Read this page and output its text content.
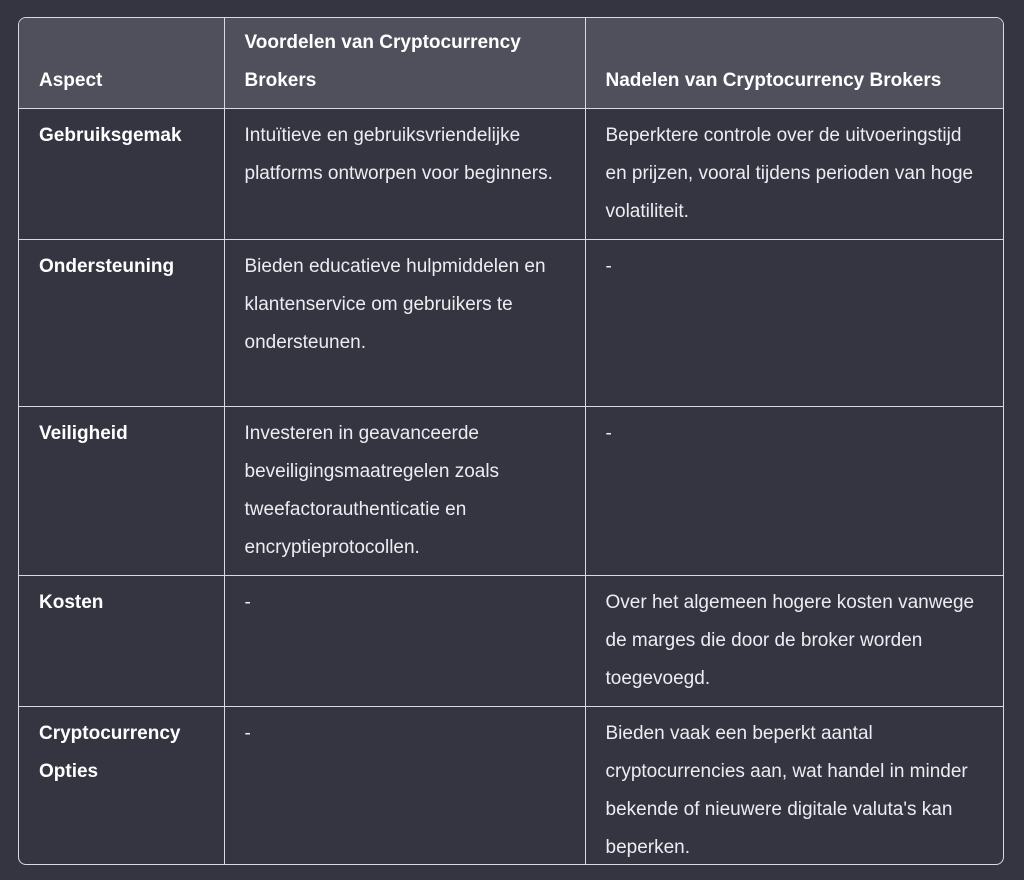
Aspect	Voordelen van Cryptocurrency Brokers	Nadelen van Cryptocurrency Brokers
Gebruiksgemak	Intuïtieve en gebruiksvriendelijke platforms ontworpen voor beginners.	Beperktere controle over de uitvoeringstijd en prijzen, vooral tijdens perioden van hoge volatiliteit.
Ondersteuning	Bieden educatieve hulpmiddelen en klantenservice om gebruikers te ondersteunen.	-
Veiligheid	Investeren in geavanceerde beveiligingsmaatregelen zoals tweefactorauthenticatie en encryptieprotocollen.	-
Kosten	-	Over het algemeen hogere kosten vanwege de marges die door de broker worden toegevoegd.
Cryptocurrency Opties	-	Bieden vaak een beperkt aantal cryptocurrencies aan, wat handel in minder bekende of nieuwere digitale valuta's kan beperken.
